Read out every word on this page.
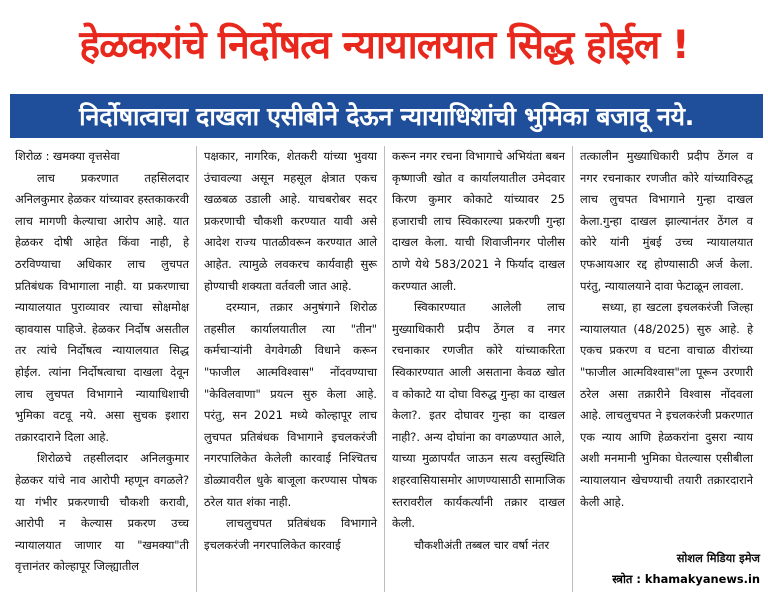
हेळकरांचे निर्दोषत्व न्यायालयात सिद्ध होईल !
निर्दोषात्वाचा दाखला एसीबीने देऊन न्यायाधिशांची भुमिका बजावू नये.

शिरोळ : खमक्या वृत्तसेवा

लाच प्रकरणात तहसिलदार अनिलकुमार हेळकर यांच्यावर हस्तकाकरवी लाच मागणी केल्याचा आरोप आहे. यात हेळकर दोषी आहेत किंवा नाही, हे ठरविण्याचा अधिकार लाच लुचपत प्रतिबंधक विभागाला नाही. या प्रकरणाचा न्यायालयात पुराव्यावर त्याचा सोक्षमोक्ष व्हावयास पाहिजे. हेळकर निर्दोष असतील तर त्यांचे निर्दोषत्व न्यायालयात सिद्ध होईल. त्यांना निर्दोषत्वाचा दाखला देवून लाच लुचपत विभागाने न्यायाधिशाची भुमिका वटवू नये. असा सुचक इशारा तक्रारदाराने दिला आहे.

शिरोळचे तहसीलदार अनिलकुमार हेळकर यांचे नाव आरोपी म्हणून वगळले? या गंभीर प्रकरणाची चौकशी करावी, आरोपी न केल्यास प्रकरण उच्च न्यायालयात जाणार या "खमक्या"ती वृत्तानंतर कोल्हापूर जिल्ह्यातील

पक्षकार, नागरिक, शेतकरी यांच्या भुवया उंचावल्या असून महसूल क्षेत्रात एकच खळबळ उडाली आहे. याचबरोबर सदर प्रकरणाची चौकशी करण्यात यावी असे आदेश राज्य पातळीवरून करण्यात आले आहेत. त्यामुळे लवकरच कार्यवाही सुरू होण्याची शक्यता वर्तवली जात आहे.

दरम्यान, तक्रार अनुषंगाने शिरोळ तहसील कार्यालयातील त्या "तीन" कर्मचाऱ्यांनी वेगवेगळी विधाने करून "फाजील आत्मविश्वास" नोंदवण्याचा "केविलवाणा" प्रयत्न सुरु केला आहे. परंतु, सन 2021 मध्ये कोल्हापूर लाच लुचपत प्रतिबंधक विभागाने इचलकरंजी नगरपालिकेत केलेली कारवाई निश्चितच डोळ्यावरील धुके बाजूला करण्यास पोषक ठरेल यात शंका नाही.

लाचलुचपत प्रतिबंधक विभागाने इचलकरंजी नगरपालिकेत कारवाई

करून नगर रचना विभागाचे अभियंता बबन कृष्णाजी खोत व कार्यालयातील उमेदवार किरण कुमार कोकाटे यांच्यावर 25 हजाराची लाच स्विकारल्या प्रकरणी गुन्हा दाखल केला. याची शिवाजीनगर पोलीस ठाणे येथे 583/2021 ने फिर्याद दाखल करण्यात आली.

स्विकारण्यात आलेली लाच मुख्याधिकारी प्रदीप ठेंगल व नगर रचनाकार रणजीत कोरे यांच्याकरिता स्विकारण्यात आली असताना केवळ खोत व कोकाटे या दोघा विरुद्ध गुन्हा का दाखल केला?. इतर दोघावर गुन्हा का दाखल नाही?. अन्य दोघांना का वगळण्यात आले, याच्या मुळापर्यंत जाऊन सत्य वस्तुस्थिति शहरवासियासमोर आणण्यासाठी सामाजिक स्तरावरील कार्यकर्त्यांनी तक्रार दाखल केली.

चौकशीअंती तब्बल चार वर्षा नंतर

तत्कालीन मुख्याधिकारी प्रदीप ठेंगल व नगर रचनाकार रणजीत कोरे यांच्याविरुद्ध लाच लुचपत विभागाने गुन्हा दाखल केला.गुन्हा दाखल झाल्यानंतर ठेंगल व कोरे यांनी मुंबई उच्च न्यायालयात एफआयआर रद्द होण्यासाठी अर्ज केला. परंतु, न्यायालयाने दावा फेटाळून लावला.

सध्या, हा खटला इचलकरंजी जिल्हा न्यायालयात (48/2025) सुरु आहे. हे एकच प्रकरण व घटना वाचाळ वीरांच्या "फाजील आत्मविश्वास"ला पूरून उरणारी ठरेल असा तक्रारीने विश्वास नोंदवला आहे. लाचलुचपत ने इचलकरंजी प्रकरणात एक न्याय आणि हेळकरांना दुसरा न्याय अशी मनमानी भुमिका घेतल्यास एसीबीला न्यायालयान खेचण्याची तयारी तक्रारदाराने केली आहे.

सोशल मिडिया इमेज
स्त्रोत : khamakyanews.in
